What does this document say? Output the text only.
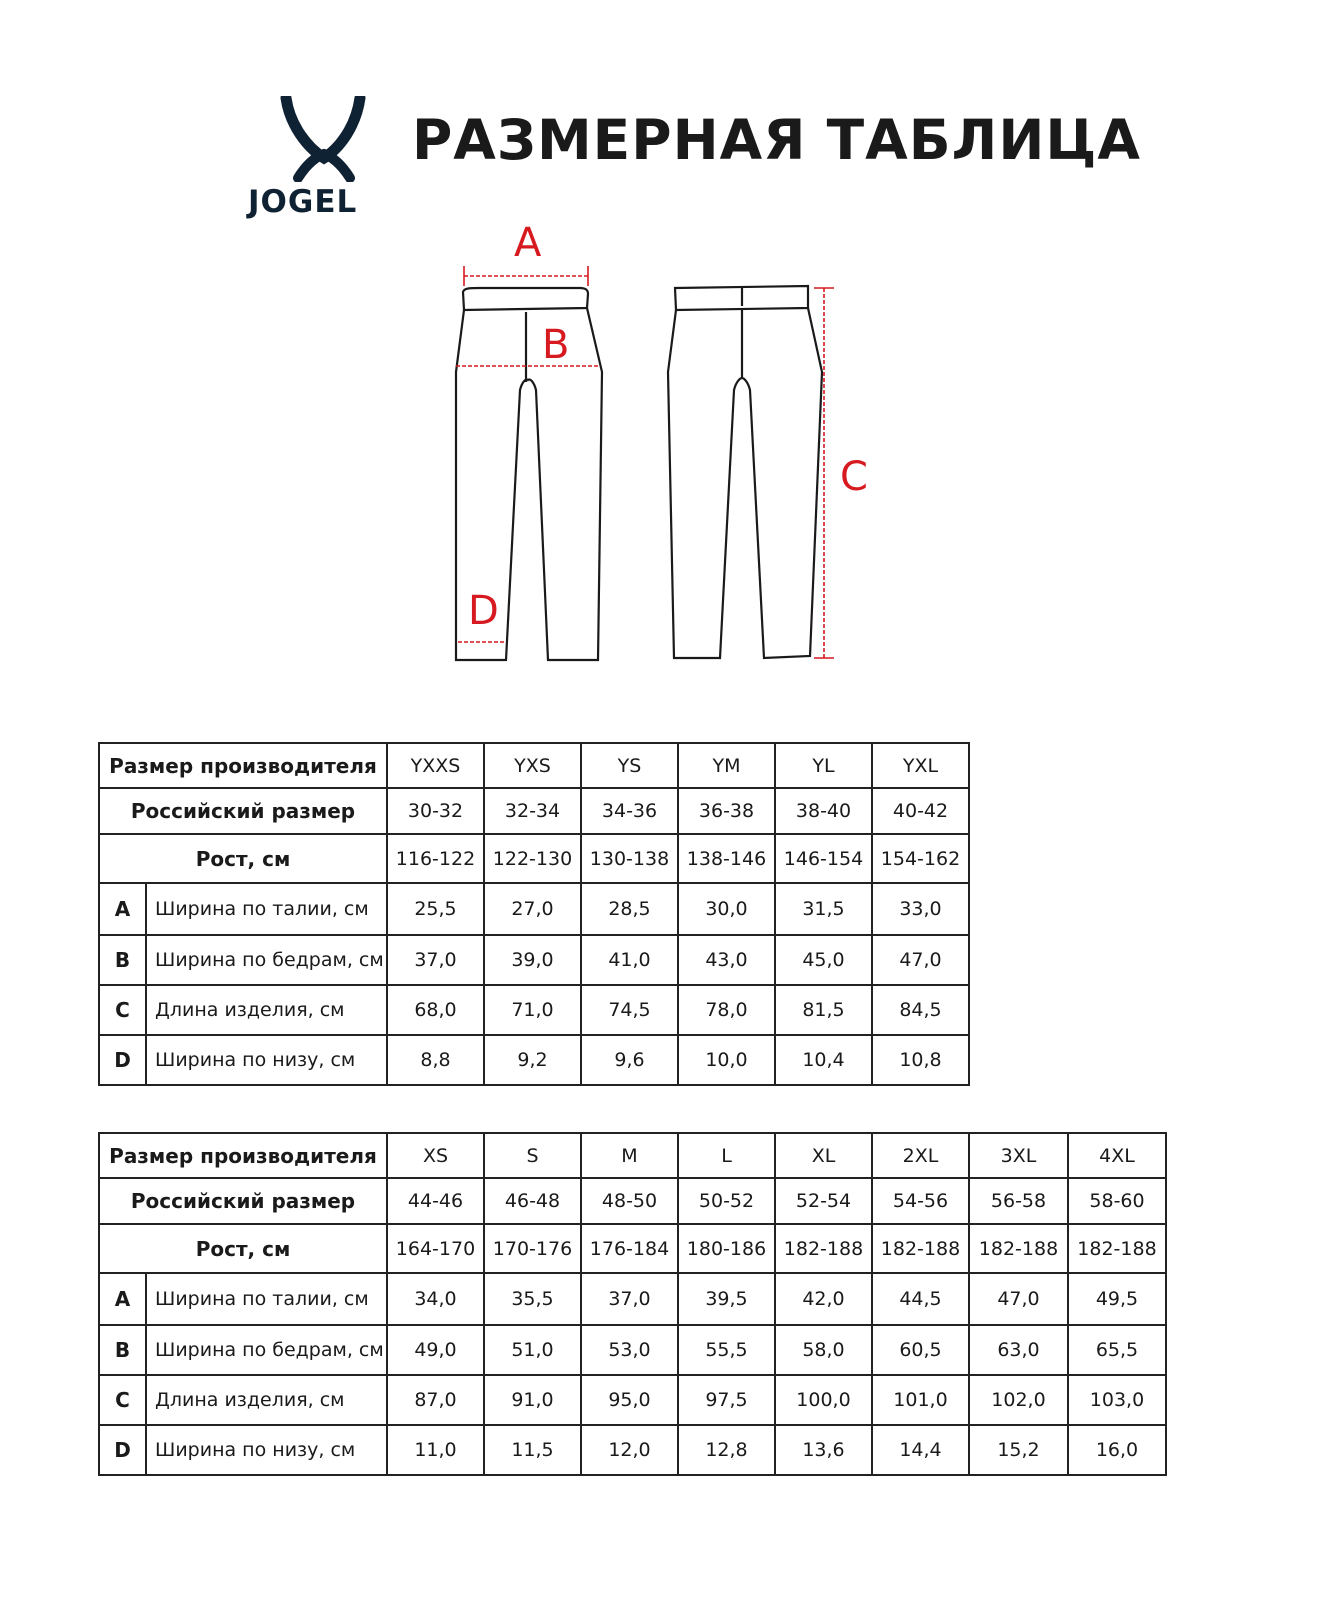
JOGEL
РАЗМЕРНАЯ ТАБЛИЦА
A
B
C
D
Размер производителя		YXXS	YXS	YS	YM	YL	YXL
Российский размер		30-32	32-34	34-36	36-38	38-40	40-42
Рост, см		116-122	122-130	130-138	138-146	146-154	154-162
A	Ширина по талии, см	25,5	27,0	28,5	30,0	31,5	33,0
B	Ширина по бедрам, см	37,0	39,0	41,0	43,0	45,0	47,0
C	Длина изделия, см	68,0	71,0	74,5	78,0	81,5	84,5
D	Ширина по низу, см	8,8	9,2	9,6	10,0	10,4	10,8
Размер производителя		XS	S	M	L	XL	2XL	3XL	4XL
Российский размер		44-46	46-48	48-50	50-52	52-54	54-56	56-58	58-60
Рост, см		164-170	170-176	176-184	180-186	182-188	182-188	182-188	182-188
A	Ширина по талии, см	34,0	35,5	37,0	39,5	42,0	44,5	47,0	49,5
B	Ширина по бедрам, см	49,0	51,0	53,0	55,5	58,0	60,5	63,0	65,5
C	Длина изделия, см	87,0	91,0	95,0	97,5	100,0	101,0	102,0	103,0
D	Ширина по низу, см	11,0	11,5	12,0	12,8	13,6	14,4	15,2	16,0
